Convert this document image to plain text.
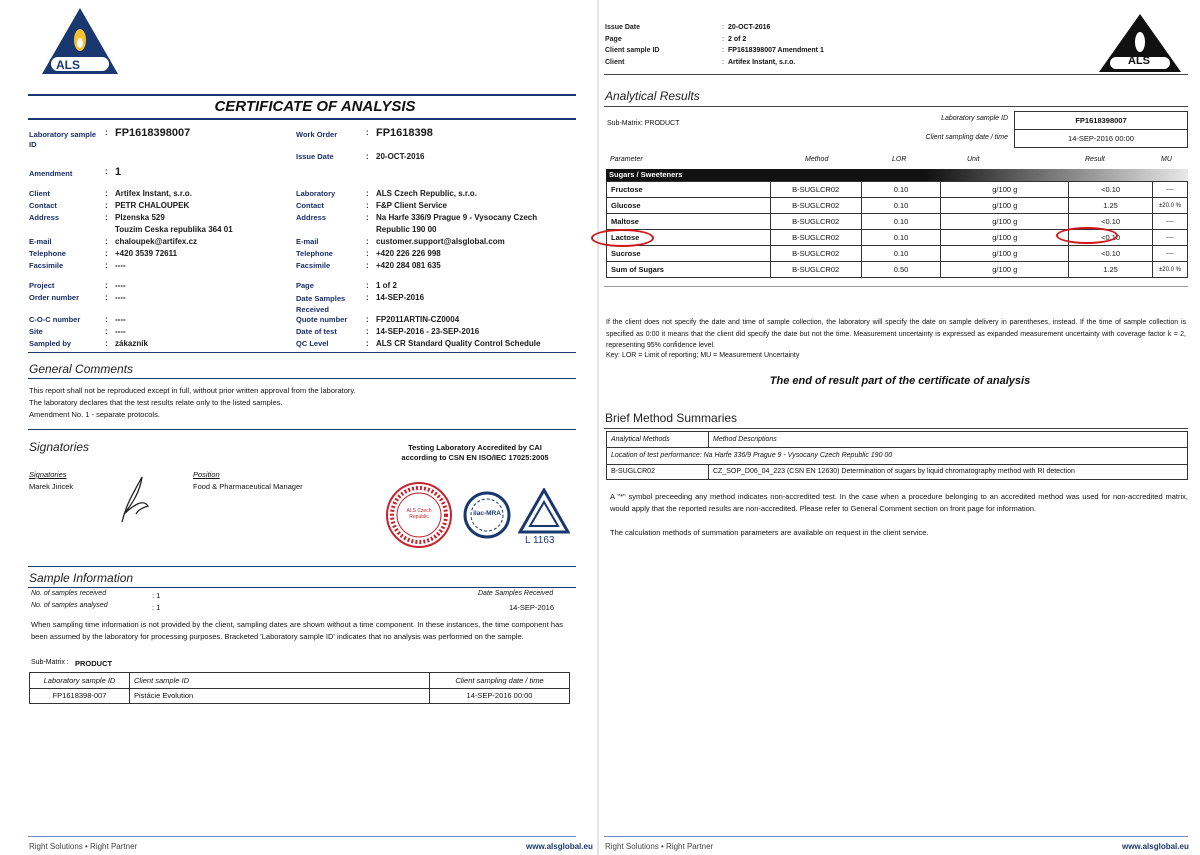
ALS
CERTIFICATE OF ANALYSIS
Laboratory sample ID
: FP1618398007
Amendment	: 1
Client	: Artifex Instant, s.r.o.
Contact	: PETR CHALOUPEK
Address	: Plzenska 529
Touzim Ceska republika 364 01
E-mail	: chaloupek@artifex.cz
Telephone	: +420 3539 72611
Facsimile	: ----
Project	: ----
Order number	: ----
C-O-C number	: ----
Site	: ----
Sampled by	: zákazník
Work Order	: FP1618398
Issue Date	: 20-OCT-2016
Laboratory	: ALS Czech Republic, s.r.o.
Contact	: F&P Client Service
Address	: Na Harfe 336/9 Prague 9 - Vysocany Czech
Republic 190 00
E-mail	: customer.support@alsglobal.com
Telephone	: +420 226 226 998
Facsimile	: +420 284 081 635
Page	: 1 of 2
Date Samples Received
: 14-SEP-2016
Quote number : FP2011ARTIN-CZ0004
Date of test	: 14-SEP-2016 - 23-SEP-2016
QC Level	: ALS CR Standard Quality Control Schedule
General Comments
This report shall not be reproduced except in full, without prior written approval from the laboratory.
The laboratory declares that the test results relate only to the listed samples.
Amendment No. 1 - separate protocols.
Signatories	Testing Laboratory Accredited by CAI
according to CSN EN ISO/IEC 17025:2005
Signatories	Position
Marek Jiricek	Food & Pharmaceutical Manager
ALS Czech Republic	ilac-MRA
L 1163
Sample Information
No. of samples received	: 1
No. of samples analysed	: 1
Date Samples Received
14-SEP-2016
When sampling time information is not provided by the client, sampling dates are shown without a time component. In these instances, the time component has been assumed by the laboratory for processing purposes. Bracketed 'Laboratory sample ID' indicates that no analysis was performed on the sample.
Sub-Matrix : PRODUCT
Laboratory sample ID	Client sample ID	Client sampling date / time
FP1618398-007	Pistácie Evolution	14-SEP-2016 00:00
Right Solutions • Right Partner	www.alsglobal.eu
Issue Date	: 20-OCT-2016
Page	: 2 of 2
Client sample ID	: FP1618398007 Amendment 1
Client	: Artifex Instant, s.r.o.	ALS
Analytical Results
Sub-Matrix: PRODUCT
Laboratory sample ID
Client sampling date / time
FP1618398007
14-SEP-2016 00:00
Parameter	Method	LOR	Unit	Result	MU
Sugars / Sweeteners
Fructose	B-SUGLCR02	0.10	g/100 g	<0.10	----
Glucose	B-SUGLCR02	0.10	g/100 g	1.25	±20.0 %
Maltose	B-SUGLCR02	0.10	g/100 g	<0.10	----
Lactose	B-SUGLCR02	0.10	g/100 g	<0.10	----
Sucrose	B-SUGLCR02	0.10	g/100 g	<0.10	----
Sum of Sugars	B-SUGLCR02	0.50	g/100 g	1.25	±20.0 %
If the client does not specify the date and time of sample collection, the laboratory will specify the date on sample delivery in parentheses, instead. If the time of sample collection is specified as 0:00 it means that the client did specify the date but not the time. Measurement uncertainty is expressed as expanded measurement uncertainty with coverage factor k = 2, representing 95% confidence level.
Key: LOR = Limit of reporting; MU = Measurement Uncertainty
The end of result part of the certificate of analysis
Brief Method Summaries
Analytical Methods	Method Descriptions
Location of test performance: Na Harfe 336/9 Prague 9 - Vysocany Czech Republic 190 00	
B-SUGLCR02	CZ_SOP_D06_04_223 (CSN EN 12630) Determination of sugars by liquid chromatography method with RI detection
A "*" symbol preceeding any method indicates non-accredited test. In the case when a procedure belonging to an accredited method was used for non-accredited matrix, would apply that the reported results are non-accredited. Please refer to General Comment section on front page for information.
The calculation methods of summation parameters are available on request in the client service.
Right Solutions • Right Partner	www.alsglobal.eu
